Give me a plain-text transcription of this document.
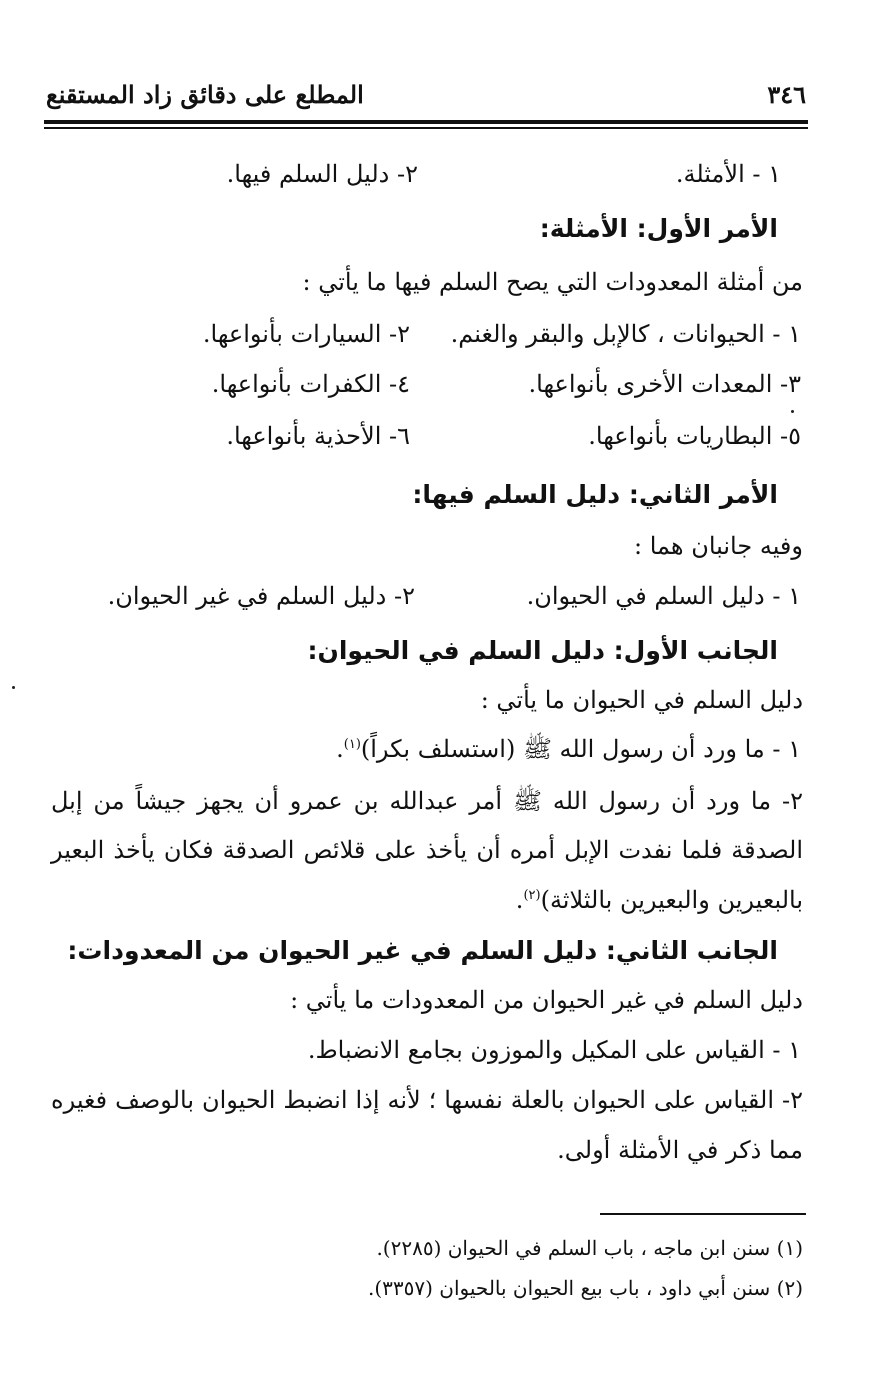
٣٤٦
المطلع على دقائق زاد المستقنع
١ - الأمثلة.
٢- دليل السلم فيها.
الأمر الأول: الأمثلة:
من أمثلة المعدودات التي يصح السلم فيها ما يأتي :
١ - الحيوانات ، كالإبل والبقر والغنم.
٢- السيارات بأنواعها.
٣- المعدات الأخرى بأنواعها.
٤- الكفرات بأنواعها.
٥- البطاريات بأنواعها.
٦- الأحذية بأنواعها.
الأمر الثاني: دليل السلم فيها:
وفيه جانبان هما :
١ - دليل السلم في الحيوان.
٢- دليل السلم في غير الحيوان.
الجانب الأول: دليل السلم في الحيوان:
دليل السلم في الحيوان ما يأتي :
١ - ما ورد أن رسول الله ﷺ (استسلف بكراً)$^{(١)}$.
٢- ما ورد أن رسول الله ﷺ أمر عبدالله بن عمرو أن يجهز جيشاً من إبل
الصدقة فلما نفدت الإبل أمره أن يأخذ على قلائص الصدقة فكان يأخذ البعير
بالبعيرين والبعيرين بالثلاثة)$^{(٢)}$.
الجانب الثاني: دليل السلم في غير الحيوان من المعدودات:
دليل السلم في غير الحيوان من المعدودات ما يأتي :
١ - القياس على المكيل والموزون بجامع الانضباط.
٢- القياس على الحيوان بالعلة نفسها ؛ لأنه إذا انضبط الحيوان بالوصف فغيره
مما ذكر في الأمثلة أولى.
(١) سنن ابن ماجه ، باب السلم في الحيوان (٢٢٨٥).
(٢) سنن أبي داود ، باب بيع الحيوان بالحيوان (٣٣٥٧).
